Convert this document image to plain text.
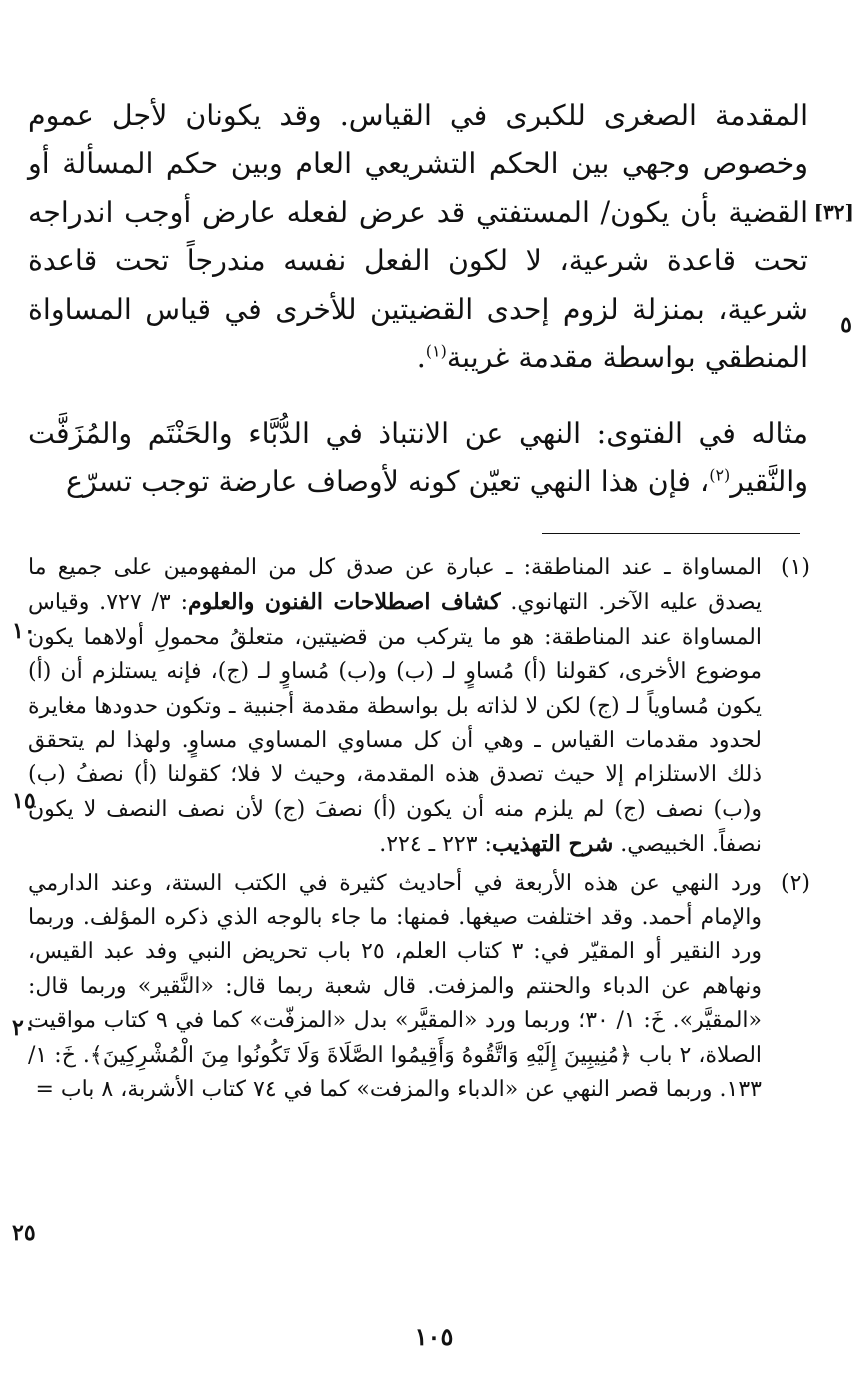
[٣٢]
المقدمة الصغرى للكبرى في القياس. وقد يكونان لأجل عموم وخصوص وجهي بين الحكم التشريعي العام وبين حكم المسألة أو القضية بأن يكون/ المستفتي قد عرض لفعله عارض أوجب اندراجه تحت قاعدة شرعية، لا لكون الفعل نفسه مندرجاً تحت قاعدة شرعية، بمنزلة لزوم إحدى القضيتين للأخرى في قياس المساواة المنطقي بواسطة مقدمة غريبة$^{(١)}$.
مثاله في الفتوى: النهي عن الانتباذ في الدُّبَّاء والحَنْتَم والمُزَفَّت والنَّقير$^{(٢)}$، فإن هذا النهي تعيّن كونه لأوصاف عارضة توجب تسرّع
(١)
المساواة ـ عند المناطقة: ـ عبارة عن صدق كل من المفهومين على جميع ما يصدق عليه الآخر. التهانوي. كشاف اصطلاحات الفنون والعلوم: ٣/ ٧٢٧. وقياس المساواة عند المناطقة: هو ما يتركب من قضيتين، متعلقُ محمولِ أولاهما يكون موضوع الأخرى، كقولنا (أ) مُساوٍ لـ (ب) و(ب) مُساوٍ لـ (ج)، فإنه يستلزم أن (أ) يكون مُساوياً لـ (ج) لكن لا لذاته بل بواسطة مقدمة أجنبية ـ وتكون حدودها مغايرة لحدود مقدمات القياس ـ وهي أن كل مساوي المساوي مساوٍ. ولهذا لم يتحقق ذلك الاستلزام إلا حيث تصدق هذه المقدمة، وحيث لا فلا؛ كقولنا (أ) نصفُ (ب) و(ب) نصف (ج) لم يلزم منه أن يكون (أ) نصفَ (ج) لأن نصف النصف لا يكون نصفاً. الخبيصي. شرح التهذيب: ٢٢٣ ـ ٢٢٤.
(٢)
ورد النهي عن هذه الأربعة في أحاديث كثيرة في الكتب الستة، وعند الدارمي والإمام أحمد. وقد اختلفت صيغها. فمنها: ما جاء بالوجه الذي ذكره المؤلف. وربما ورد النقير أو المقيّر في: ٣ كتاب العلم، ٢٥ باب تحريض النبي وفد عبد القيس، ونهاهم عن الدباء والحنتم والمزفت. قال شعبة ربما قال: «النَّقير» وربما قال: «المقيَّر». خَ: ١/ ٣٠؛ وربما ورد «المقيَّر» بدل «المزفّت» كما في ٩ كتاب مواقيت الصلاة، ٢ باب ﴿مُنِيبِينَ إِلَيْهِ وَاتَّقُوهُ وَأَقِيمُوا الصَّلَاةَ وَلَا تَكُونُوا مِنَ الْمُشْرِكِينَ﴾. خَ: ١/ ١٣٣. وربما قصر النهي عن «الدباء والمزفت» كما في ٧٤ كتاب الأشربة، ٨ باب =
٥
١٠
١٥
٢٠
٢٥
١٠٥
